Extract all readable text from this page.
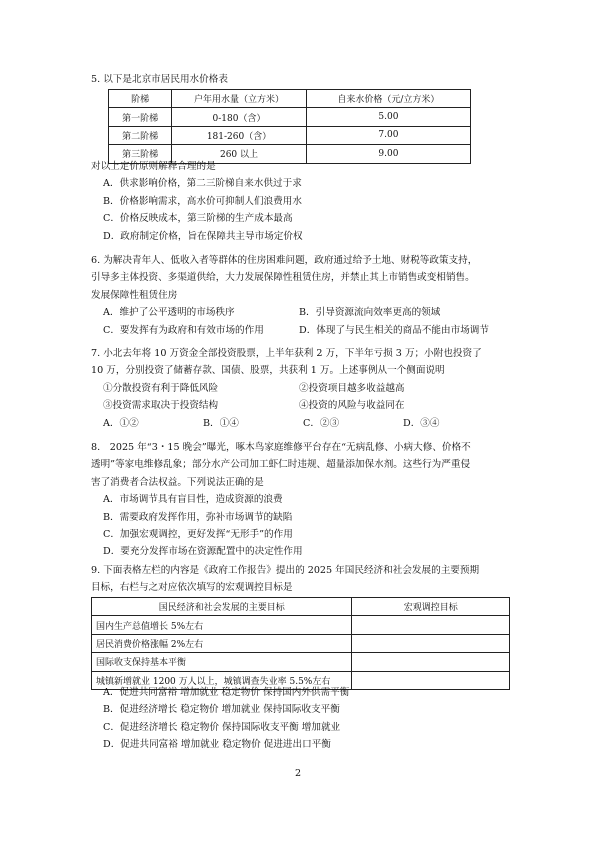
5. 以下是北京市居民用水价格表
阶梯	户年用水量（立方米）	自来水价格（元/立方米）
第一阶梯	0-180（含）	5.00
第二阶梯	181-260（含）	7.00
第三阶梯	260 以上	9.00
对以上定价原则解释合理的是
A．供求影响价格，第二三阶梯自来水供过于求
B．价格影响需求，高水价可抑制人们浪费用水
C．价格反映成本，第三阶梯的生产成本最高
D．政府制定价格，旨在保障共主导市场定价权
6. 为解决青年人、低收入者等群体的住房困难问题，政府通过给予土地、财税等政策支持，
引导多主体投资、多渠道供给，大力发展保障性租赁住房，并禁止其上市销售或变相销售。
发展保障性租赁住房
A．维护了公平透明的市场秩序	B．引导资源流向效率更高的领域
C．要发挥有为政府和有效市场的作用	D．体现了与民生相关的商品不能由市场调节
7. 小北去年将 10 万资金全部投资股票，上半年获利 2 万，下半年亏损 3 万；小附也投资了
10 万，分别投资了储蓄存款、国债、股票，共获利 1 万。上述事例从一个侧面说明
①分散投资有利于降低风险	②投资项目越多收益越高
③投资需求取决于投资结构	④投资的风险与收益同在
A．①②	B．①④	C．②③	D．③④
8.　2025 年“3・15 晚会”曝光，啄木鸟家庭维修平台存在“无病乱修、小病大修、价格不
透明”等家电维修乱象；部分水产公司加工虾仁时违规、超量添加保水剂。这些行为严重侵
害了消费者合法权益。下列说法正确的是
A．市场调节具有盲目性，造成资源的浪费
B．需要政府发挥作用，弥补市场调节的缺陷
C．加强宏观调控，更好发挥“无形手”的作用
D．要充分发挥市场在资源配置中的决定性作用
9. 下面表格左栏的内容是《政府工作报告》提出的 2025 年国民经济和社会发展的主要预期
目标，右栏与之对应依次填写的宏观调控目标是
国民经济和社会发展的主要目标	宏观调控目标
国内生产总值增长 5%左右	
居民消费价格涨幅 2%左右	
国际收支保持基本平衡	
城镇新增就业 1200 万人以上，城镇调查失业率 5.5%左右	
A．促进共同富裕 增加就业 稳定物价 保持国内外供需平衡
B．促进经济增长 稳定物价 增加就业 保持国际收支平衡
C．促进经济增长 稳定物价 保持国际收支平衡 增加就业
D．促进共同富裕 增加就业 稳定物价 促进进出口平衡
2
